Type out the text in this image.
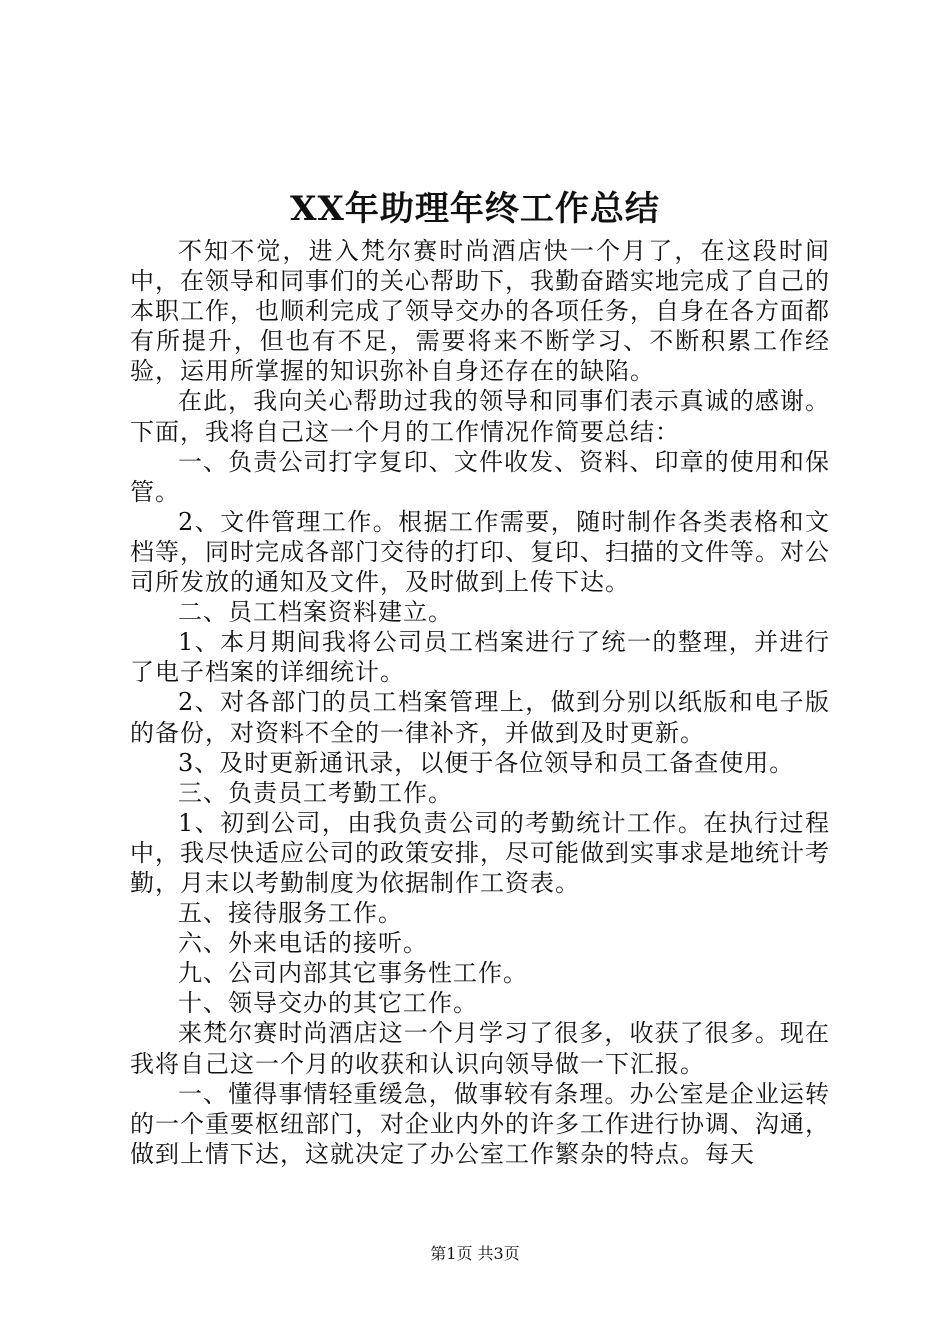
XX年助理年终工作总结

不知不觉，进入梵尔赛时尚酒店快一个月了，在这段时间中，在领导和同事们的关心帮助下，我勤奋踏实地完成了自己的本职工作，也顺利完成了领导交办的各项任务，自身在各方面都有所提升，但也有不足，需要将来不断学习、不断积累工作经验，运用所掌握的知识弥补自身还存在的缺陷。

在此，我向关心帮助过我的领导和同事们表示真诚的感谢。下面，我将自己这一个月的工作情况作简要总结：

一、负责公司打字复印、文件收发、资料、印章的使用和保管。

2、文件管理工作。根据工作需要，随时制作各类表格和文档等，同时完成各部门交待的打印、复印、扫描的文件等。对公司所发放的通知及文件，及时做到上传下达。

二、员工档案资料建立。

1、本月期间我将公司员工档案进行了统一的整理，并进行了电子档案的详细统计。

2、对各部门的员工档案管理上，做到分别以纸版和电子版的备份，对资料不全的一律补齐，并做到及时更新。

3、及时更新通讯录，以便于各位领导和员工备查使用。

三、负责员工考勤工作。

1、初到公司，由我负责公司的考勤统计工作。在执行过程中，我尽快适应公司的政策安排，尽可能做到实事求是地统计考勤，月末以考勤制度为依据制作工资表。

五、接待服务工作。

六、外来电话的接听。

九、公司内部其它事务性工作。

十、领导交办的其它工作。

来梵尔赛时尚酒店这一个月学习了很多，收获了很多。现在我将自己这一个月的收获和认识向领导做一下汇报。

一、懂得事情轻重缓急，做事较有条理。办公室是企业运转的一个重要枢纽部门，对企业内外的许多工作进行协调、沟通，做到上情下达，这就决定了办公室工作繁杂的特点。每天

第1页 共3页
